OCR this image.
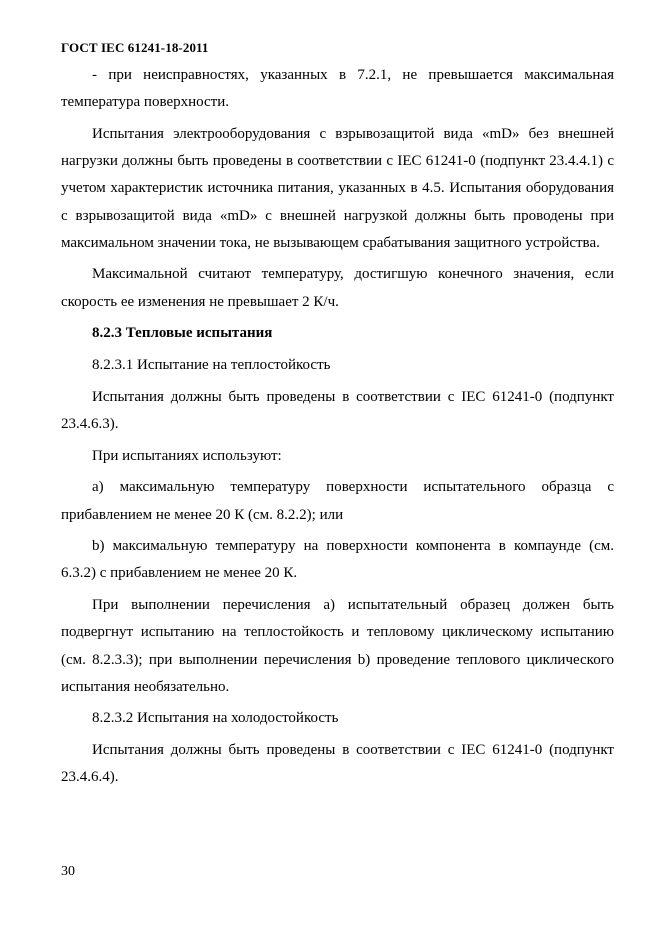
ГОСТ IEC 61241-18-2011

- при неисправностях, указанных в 7.2.1, не превышается максимальная температура поверхности.

Испытания электрооборудования с взрывозащитой вида «mD» без внешней нагрузки должны быть проведены в соответствии с IEC 61241-0 (подпункт 23.4.4.1) с учетом характеристик источника питания, указанных в 4.5. Испытания оборудования с взрывозащитой вида «mD» с внешней нагрузкой должны быть проводены при максимальном значении тока, не вызывающем срабатывания защитного устройства.

Максимальной считают температуру, достигшую конечного значения, если скорость ее изменения не превышает 2 К/ч.

8.2.3 Тепловые испытания

8.2.3.1 Испытание на теплостойкость

Испытания должны быть проведены в соответствии с IEC 61241-0 (подпункт 23.4.6.3).

При испытаниях используют:

a) максимальную температуру поверхности испытательного образца с прибавлением не менее 20 К (см. 8.2.2); или

b) максимальную температуру на поверхности компонента в компаунде (см. 6.3.2) с прибавлением не менее 20 К.

При выполнении перечисления a) испытательный образец должен быть подвергнут испытанию на теплостойкость и тепловому циклическому испытанию (см. 8.2.3.3); при выполнении перечисления b) проведение теплового циклического испытания необязательно.

8.2.3.2 Испытания на холодостойкость

Испытания должны быть проведены в соответствии с IEC 61241-0 (подпункт 23.4.6.4).

30
